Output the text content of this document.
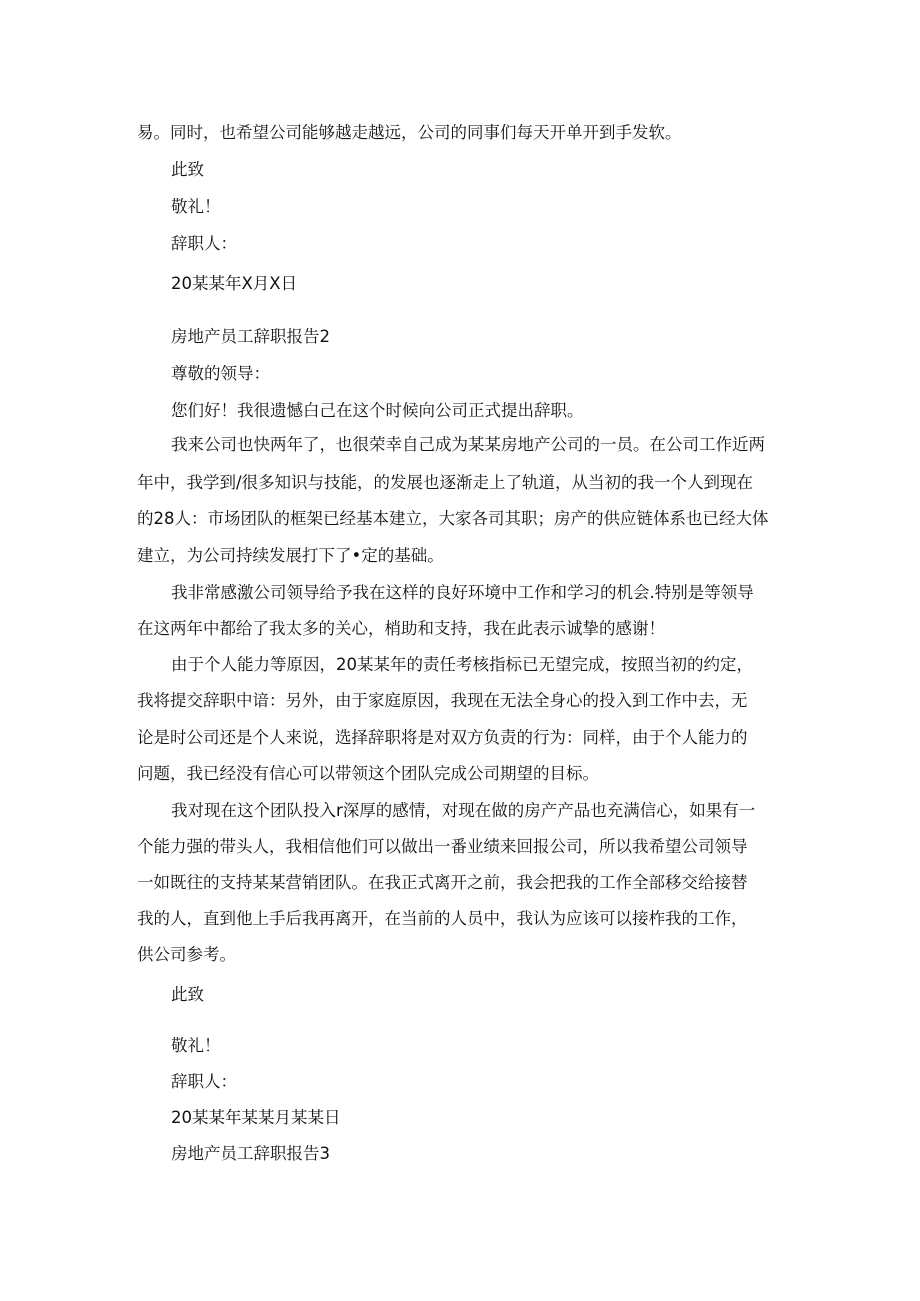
易。同时，也希望公司能够越走越远，公司的同事们每天开单开到手发软。
此致
敬礼！
辞职人：
20某某年X月X日
房地产员工辞职报告2
尊敬的领导：
您们好！我很遗憾白己在这个时候向公司正式提出辞职。
我来公司也快两年了，也很荣幸自己成为某某房地产公司的一员。在公司工作近两
年中，我学到/很多知识与技能，的发展也逐渐走上了轨道，从当初的我一个人到现在
的28人：市场团队的框架已经基本建立，大家各司其职；房产的供应链体系也已经大体
建立，为公司持续发展打下了•定的基础。
我非常感激公司领导给予我在这样的良好环境中工作和学习的机会.特别是等领导
在这两年中都给了我太多的关心，梢助和支持，我在此表示诚挚的感谢！
由于个人能力等原因，20某某年的责任考核指标已无望完成，按照当初的约定，
我将提交辞职中谙：另外，由于家庭原因，我现在无法全身心的投入到工作中去，无
论是时公司还是个人来说，选择辞职将是对双方负责的行为：同样，由于个人能力的
问题，我已经没有信心可以带领这个团队完成公司期望的目标。
我对现在这个团队投入r深厚的感情，对现在做的房产产品也充满信心，如果有一
个能力强的带头人，我相信他们可以做出一番业绩来回报公司，所以我希望公司领导
一如既往的支持某某营销团队。在我正式离开之前，我会把我的工作全部移交给接替
我的人，直到他上手后我再离开，在当前的人员中，我认为应该可以接柞我的工作，
供公司参考。
此致
敬礼！
辞职人：
20某某年某某月某某日
房地产员工辞职报告3
